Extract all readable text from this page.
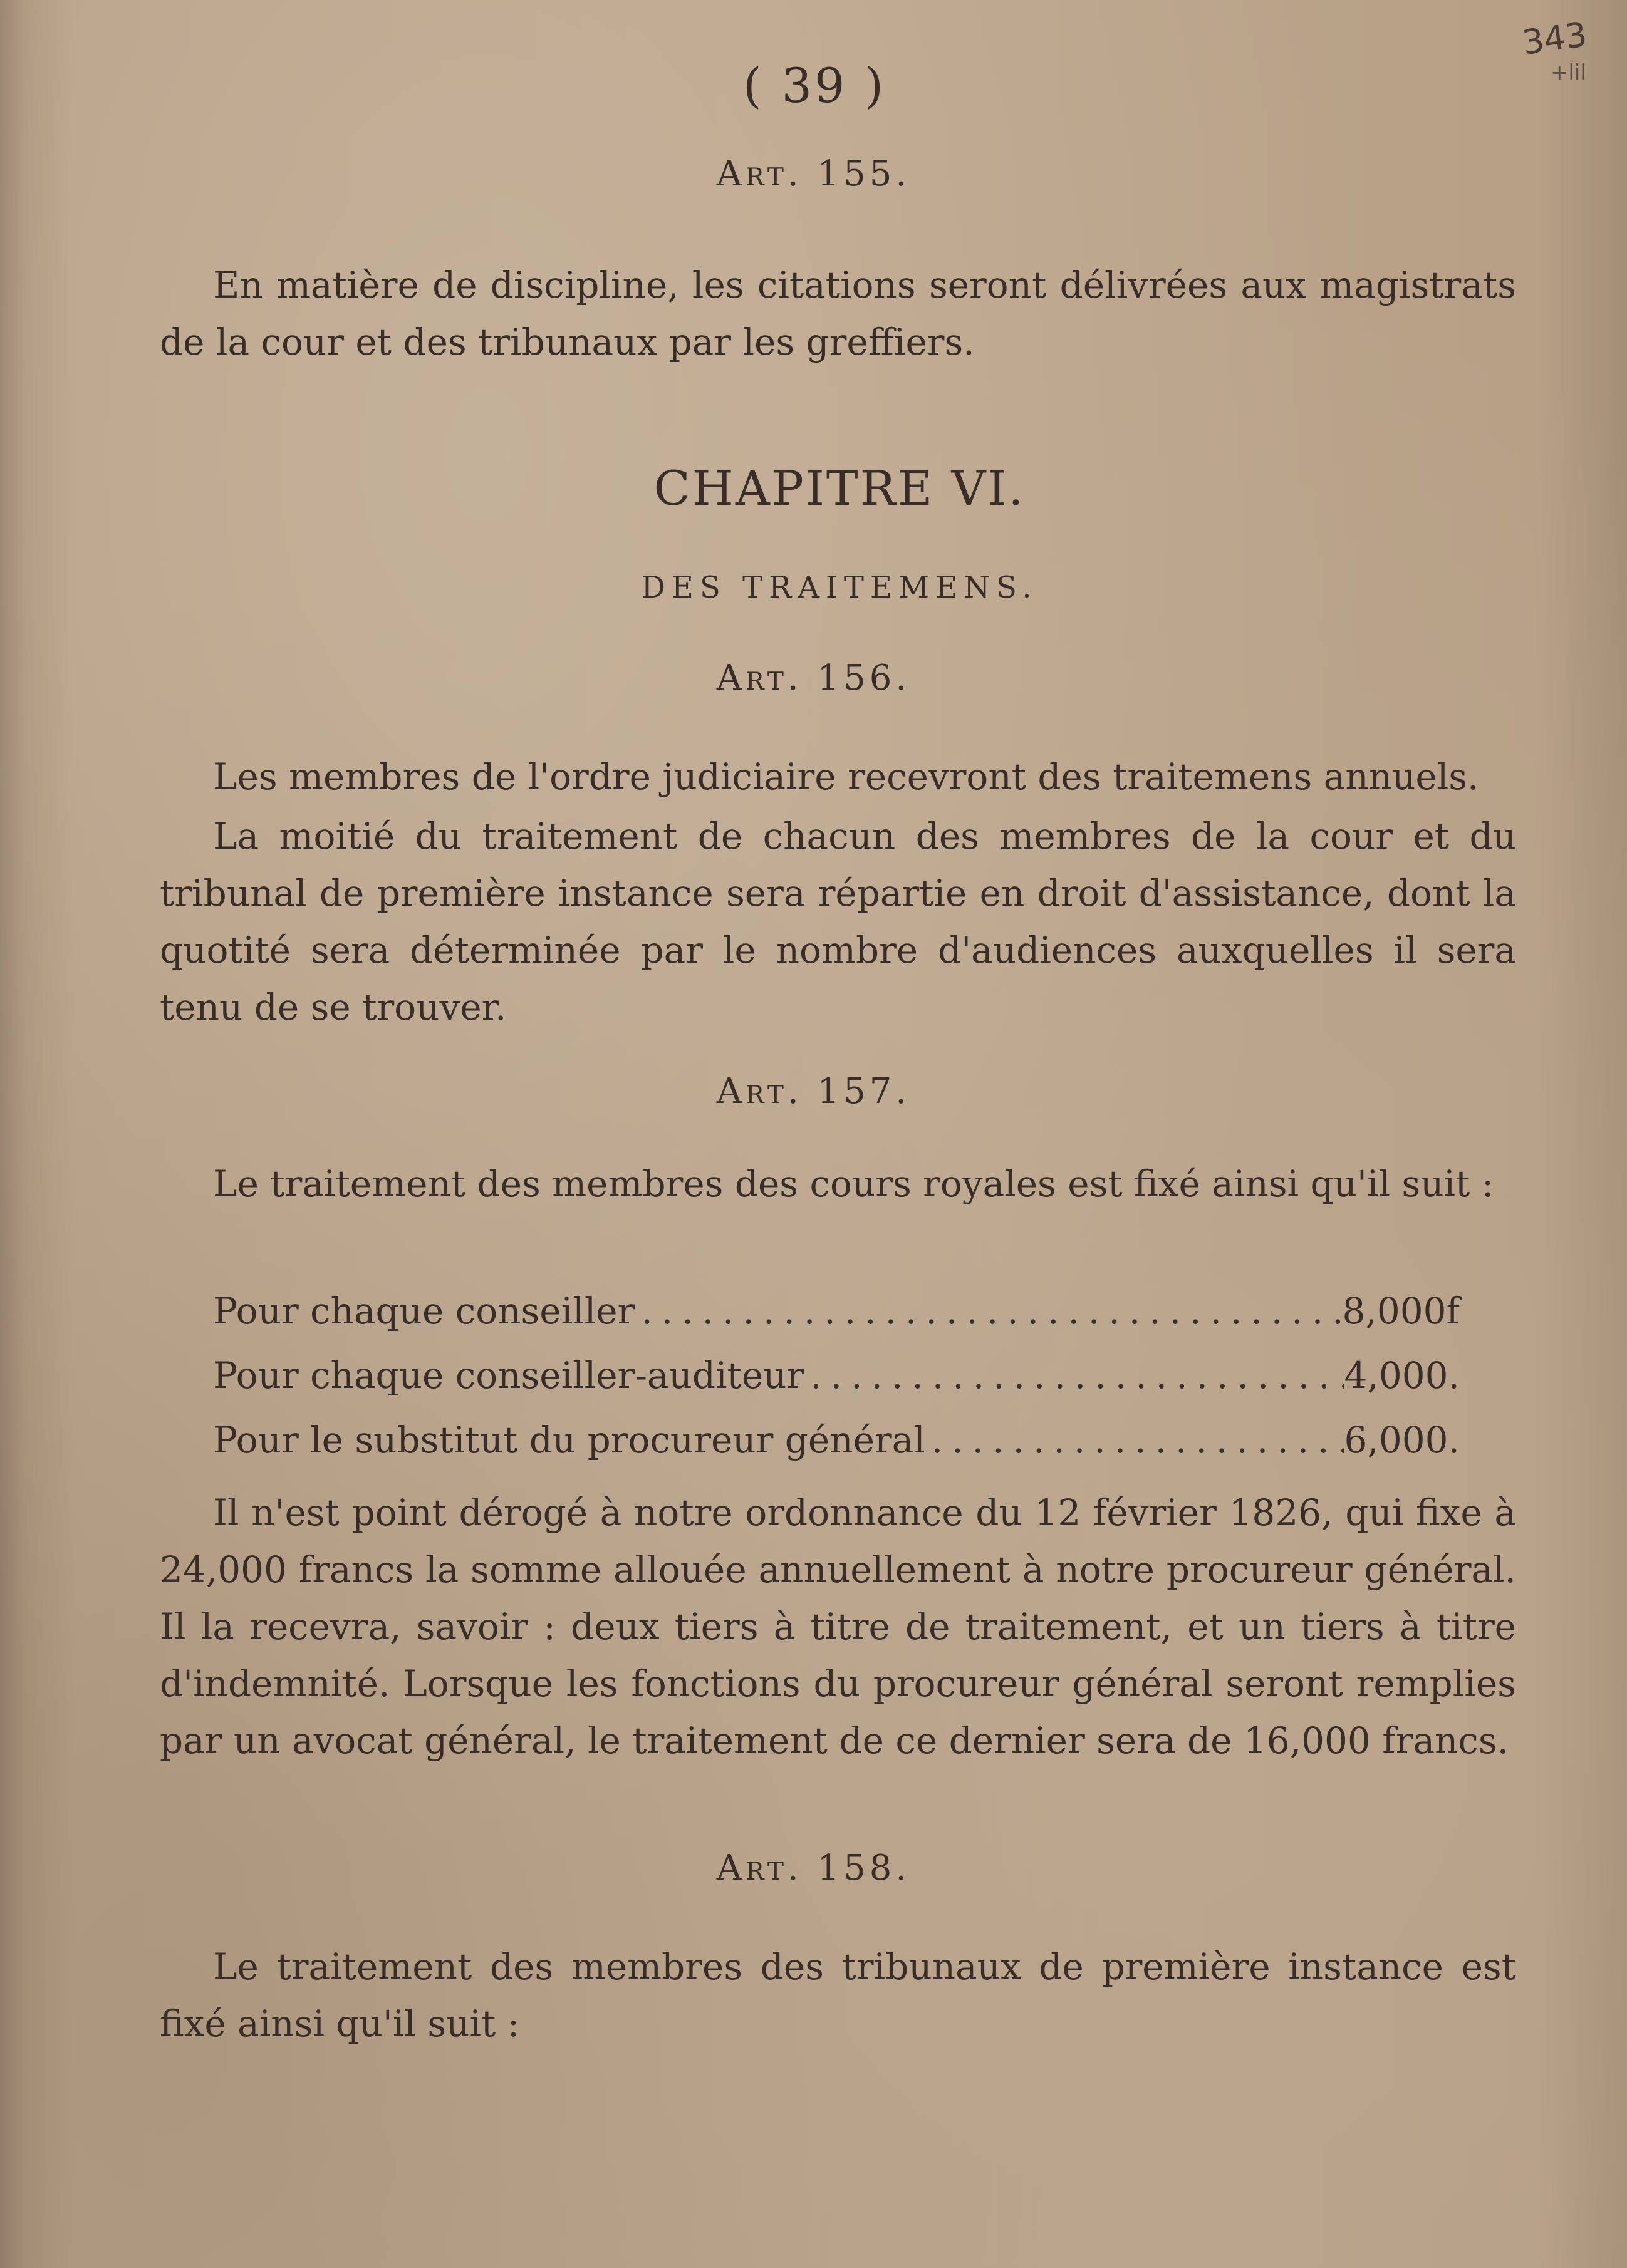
( 39 )
343
+lil
Art. 155.

En matière de discipline, les citations seront délivrées aux magistrats de la cour et des tribunaux par les greffiers.

CHAPITRE VI.
DES TRAITEMENS.
Art. 156.

Les membres de l'ordre judiciaire recevront des traitemens annuels.

La moitié du traitement de chacun des membres de la cour et du tribunal de première instance sera répartie en droit d'assistance, dont la quotité sera déterminée par le nombre d'audiences auxquelles il sera tenu de se trouver.

Art. 157.

Le traitement des membres des cours royales est fixé ainsi qu'il suit :

Pour chaque conseiller .....	8,000f
Pour chaque conseiller-auditeur .....	4,000.
Pour le substitut du procureur général .....	6,000.

Il n'est point dérogé à notre ordonnance du 12 février 1826, qui fixe à 24,000 francs la somme allouée annuellement à notre procureur général. Il la recevra, savoir : deux tiers à titre de traitement, et un tiers à titre d'indemnité. Lorsque les fonctions du procureur général seront remplies par un avocat général, le traitement de ce dernier sera de 16,000 francs.

Art. 158.

Le traitement des membres des tribunaux de première instance est fixé ainsi qu'il suit :
